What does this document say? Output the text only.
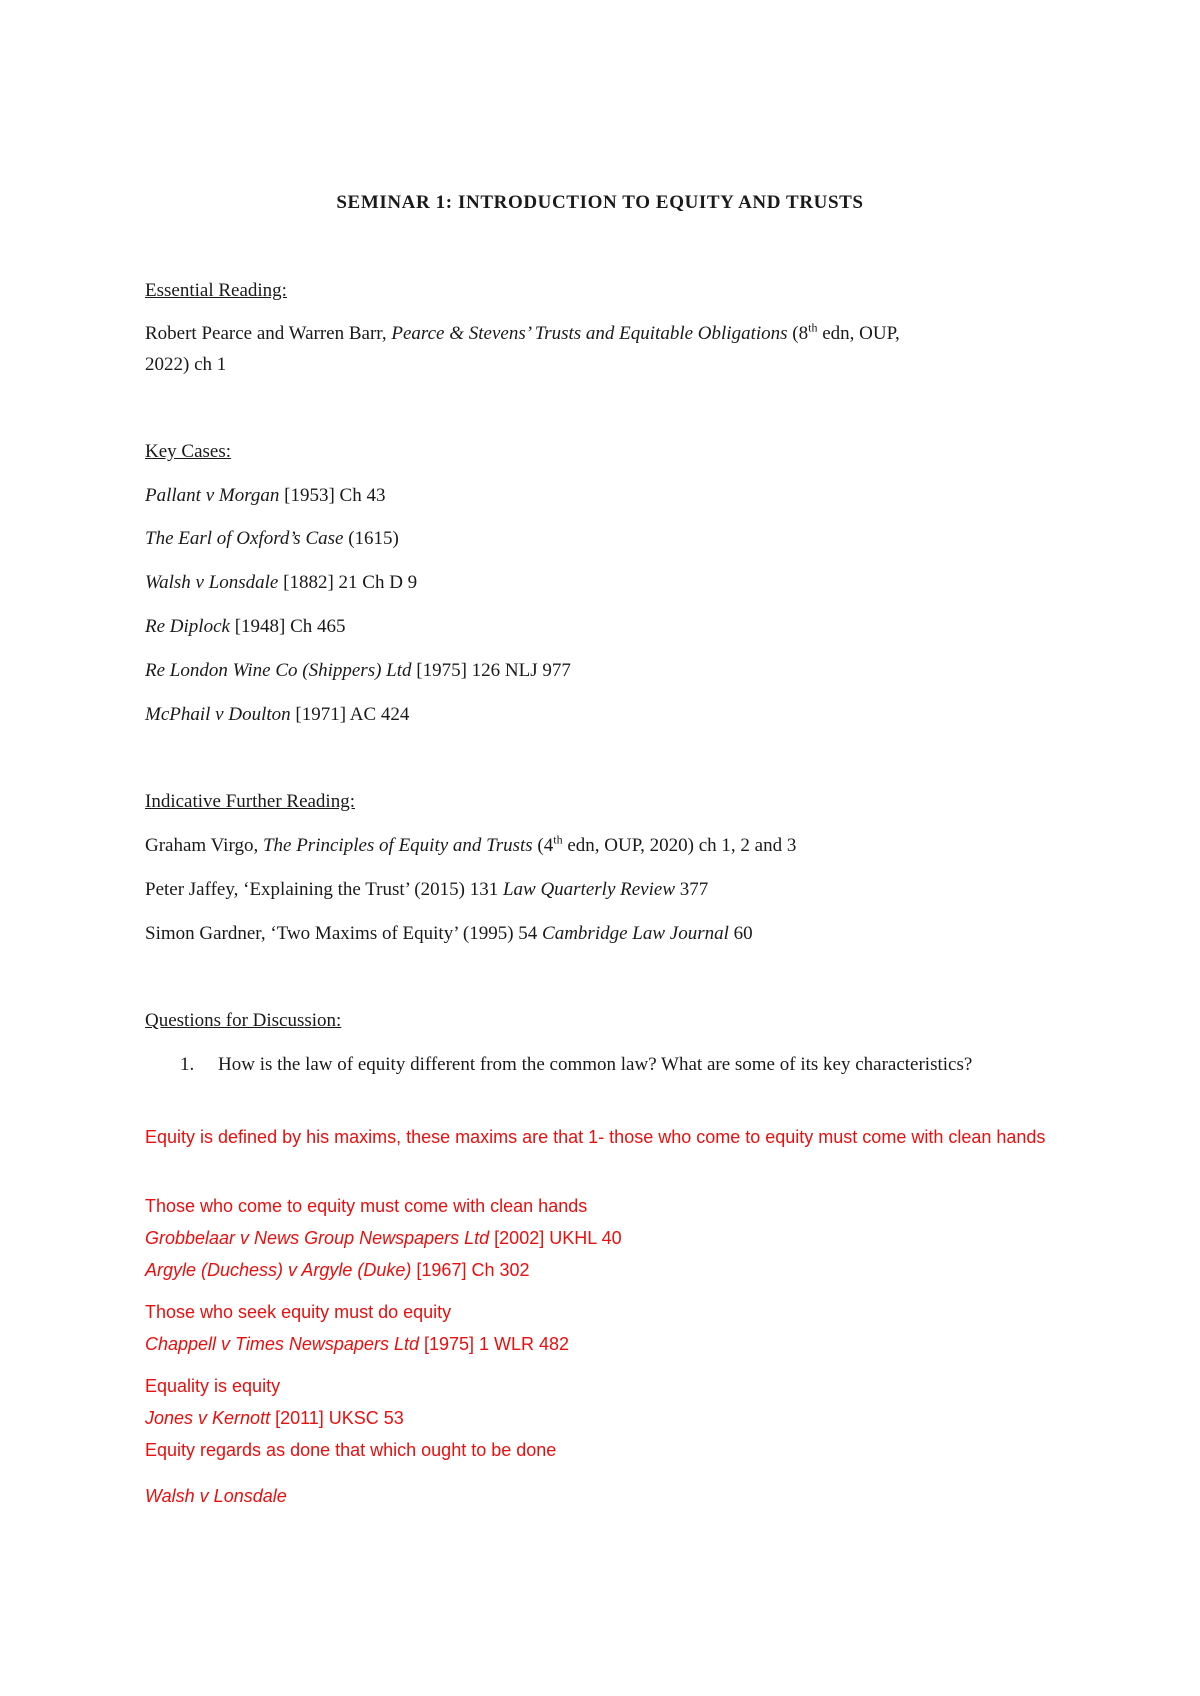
SEMINAR 1: INTRODUCTION TO EQUITY AND TRUSTS
Essential Reading:
Robert Pearce and Warren Barr, Pearce & Stevens’ Trusts and Equitable Obligations (8th edn, OUP,
2022) ch 1
Key Cases:
Pallant v Morgan [1953] Ch 43
The Earl of Oxford’s Case (1615)
Walsh v Lonsdale [1882] 21 Ch D 9
Re Diplock [1948] Ch 465
Re London Wine Co (Shippers) Ltd [1975] 126 NLJ 977
McPhail v Doulton [1971] AC 424
Indicative Further Reading:
Graham Virgo, The Principles of Equity and Trusts (4th edn, OUP, 2020) ch 1, 2 and 3
Peter Jaffey, ‘Explaining the Trust’ (2015) 131 Law Quarterly Review 377
Simon Gardner, ‘Two Maxims of Equity’ (1995) 54 Cambridge Law Journal 60
Questions for Discussion:
1.	How is the law of equity different from the common law? What are some of its key characteristics?
Equity is defined by his maxims, these maxims are that 1- those who come to equity must come with clean hands
Those who come to equity must come with clean hands
Grobbelaar v News Group Newspapers Ltd [2002] UKHL 40
Argyle (Duchess) v Argyle (Duke) [1967] Ch 302
Those who seek equity must do equity
Chappell v Times Newspapers Ltd [1975] 1 WLR 482
Equality is equity
Jones v Kernott [2011] UKSC 53
Equity regards as done that which ought to be done
Walsh v Lonsdale
